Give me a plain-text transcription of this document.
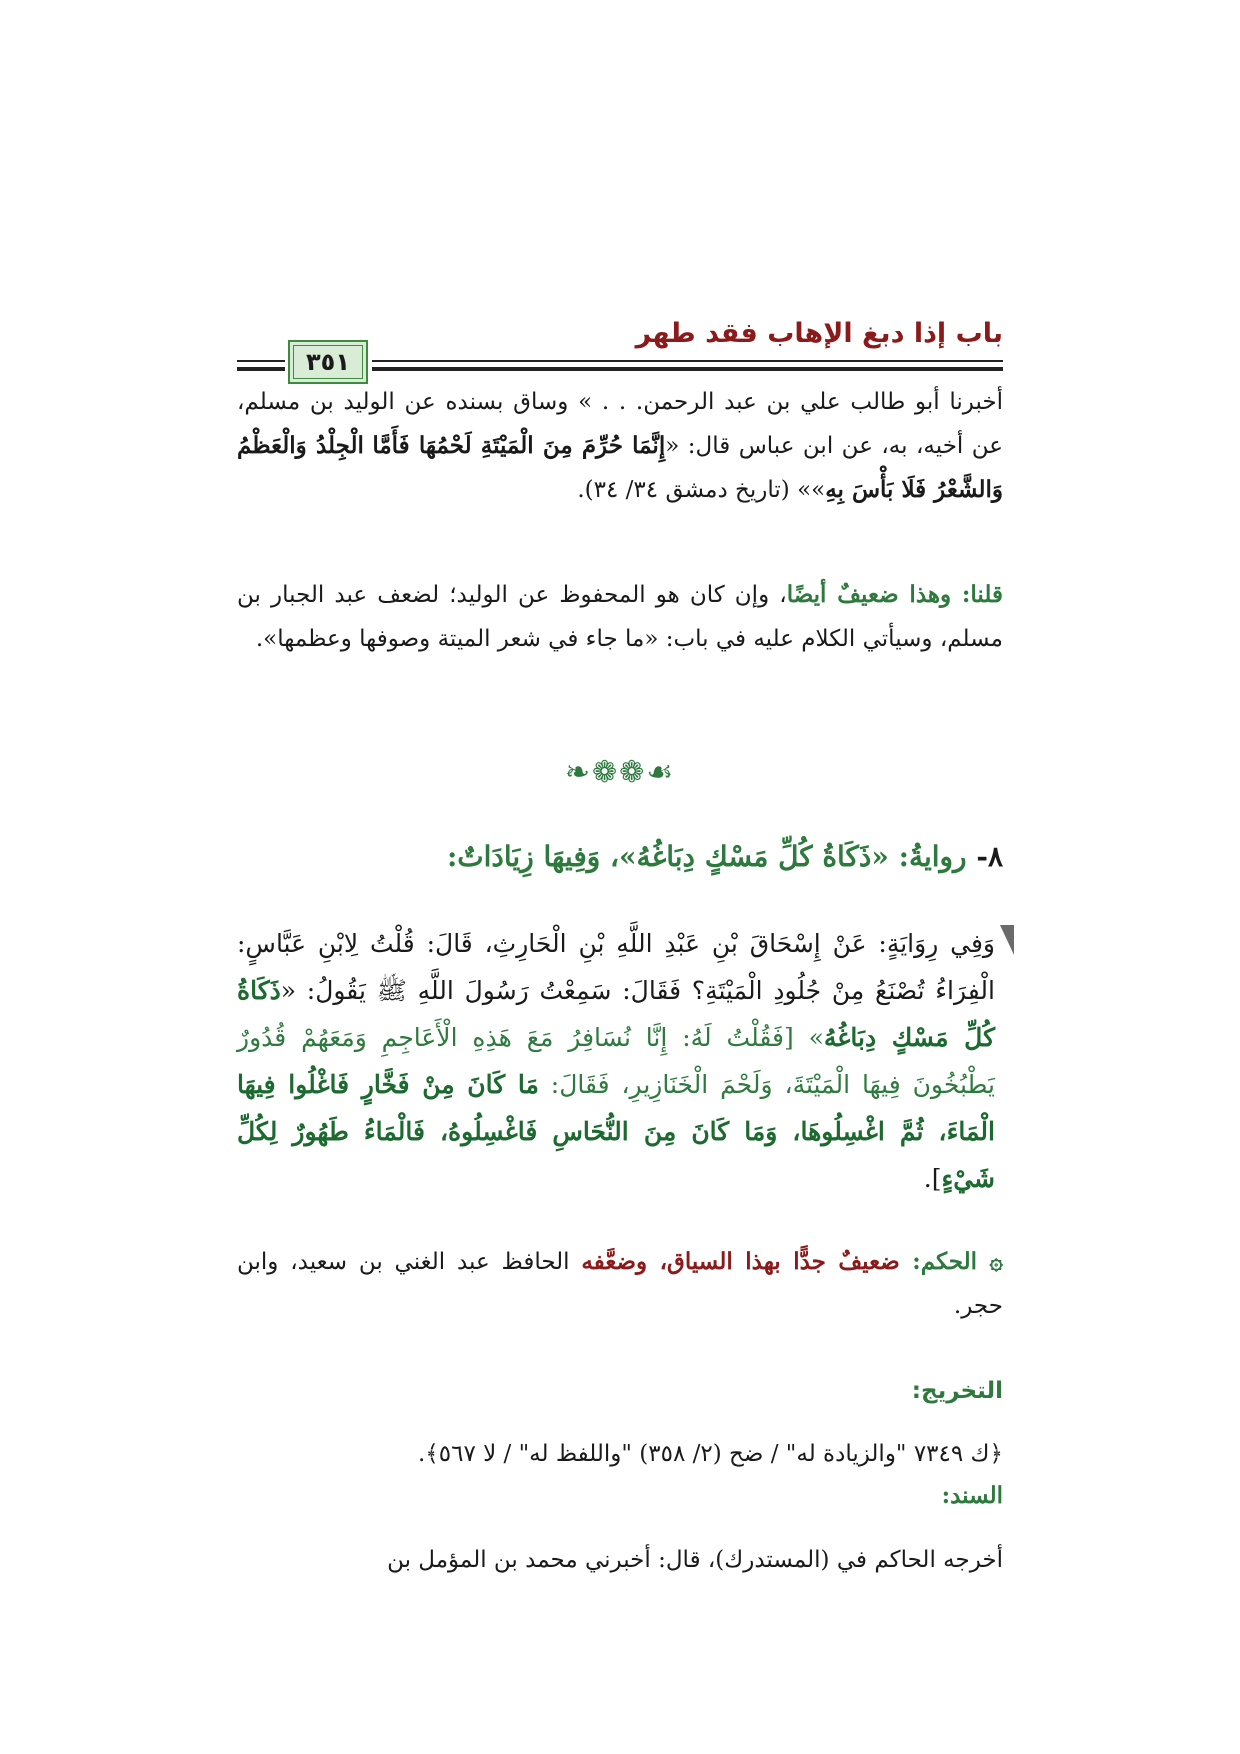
باب إذا دبغ الإهاب فقد طهر
٣٥١
أخبرنا أبو طالب علي بن عبد الرحمن. . . » وساق بسنده عن الوليد بن مسلم، عن أخيه، به، عن ابن عباس قال: «إِنَّمَا حُرِّمَ مِنَ الْمَيْتَةِ لَحْمُهَا فَأَمَّا الْجِلْدُ وَالْعَظْمُ وَالشَّعْرُ فَلَا بَأْسَ بِهِ»» (تاريخ دمشق ٣٤/ ٣٤).
قلنا: وهذا ضعيفٌ أيضًا، وإن كان هو المحفوظ عن الوليد؛ لضعف عبد الجبار بن مسلم، وسيأتي الكلام عليه في باب: «ما جاء في شعر الميتة وصوفها وعظمها».
❧❁❁☙
٨- روايةُ: «ذَكَاةُ كُلِّ مَسْكٍ دِبَاغُهُ»، وَفِيهَا زِيَادَاتٌ:
وَفِي رِوَايَةٍ: عَنْ إِسْحَاقَ بْنِ عَبْدِ اللَّهِ بْنِ الْحَارِثِ، قَالَ: قُلْتُ لِابْنِ عَبَّاسٍ: الْفِرَاءُ تُصْنَعُ مِنْ جُلُودِ الْمَيْتَةِ؟ فَقَالَ: سَمِعْتُ رَسُولَ اللَّهِ ﷺ يَقُولُ: «ذَكَاةُ كُلِّ مَسْكٍ دِبَاغُهُ» [فَقُلْتُ لَهُ: إِنَّا نُسَافِرُ مَعَ هَذِهِ الْأَعَاجِمِ وَمَعَهُمْ قُدُورٌ يَطْبُخُونَ فِيهَا الْمَيْتَةَ، وَلَحْمَ الْخَنَازِيرِ، فَقَالَ: مَا كَانَ مِنْ فَخَّارٍ فَاغْلُوا فِيهَا الْمَاءَ، ثُمَّ اغْسِلُوهَا، وَمَا كَانَ مِنَ النُّحَاسِ فَاغْسِلُوهُ، فَالْمَاءُ طَهُورٌ لِكُلِّ شَيْءٍ].
۞ الحكم: ضعيفٌ جدًّا بهذا السياق، وضعَّفه الحافظ عبد الغني بن سعيد، وابن حجر.
التخريج:
﴿ك ٧٣٤٩ "والزيادة له" / ضح (٢/ ٣٥٨) "واللفظ له" / لا ٥٦٧﴾.
السند:
أخرجه الحاكم في (المستدرك)، قال: أخبرني محمد بن المؤمل بن
